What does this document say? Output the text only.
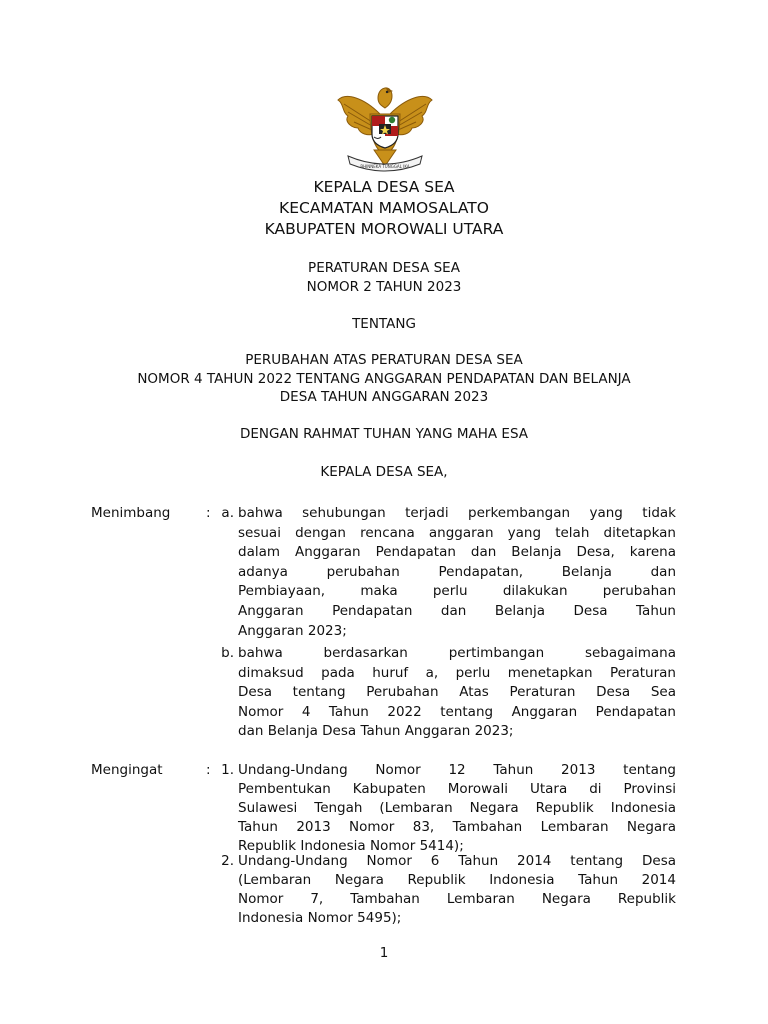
BHINNEKA TUNGGAL IKA
KEPALA DESA SEA
KECAMATAN MAMOSALATO
KABUPATEN MOROWALI UTARA
PERATURAN DESA SEA
NOMOR 2 TAHUN 2023
TENTANG
PERUBAHAN ATAS PERATURAN DESA SEA
NOMOR 4 TAHUN 2022 TENTANG ANGGARAN PENDAPATAN DAN BELANJA
DESA TAHUN ANGGARAN 2023
DENGAN RAHMAT TUHAN YANG MAHA ESA
KEPALA DESA SEA,
Menimbang	: a. bahwa sehubungan terjadi perkembangan yang tidak
sesuai dengan rencana anggaran yang telah ditetapkan
dalam Anggaran Pendapatan dan Belanja Desa, karena
adanya perubahan Pendapatan, Belanja dan
Pembiayaan, maka perlu dilakukan perubahan
Anggaran Pendapatan dan Belanja Desa Tahun
Anggaran 2023;
b. bahwa berdasarkan pertimbangan sebagaimana
dimaksud pada huruf a, perlu menetapkan Peraturan
Desa tentang Perubahan Atas Peraturan Desa Sea
Nomor 4 Tahun 2022 tentang Anggaran Pendapatan
dan Belanja Desa Tahun Anggaran 2023;
Mengingat	: 1. Undang-Undang Nomor 12 Tahun 2013 tentang
Pembentukan Kabupaten Morowali Utara di Provinsi
Sulawesi Tengah (Lembaran Negara Republik Indonesia
Tahun 2013 Nomor 83, Tambahan Lembaran Negara
Republik Indonesia Nomor 5414);
2. Undang-Undang Nomor 6 Tahun 2014 tentang Desa
(Lembaran Negara Republik Indonesia Tahun 2014
Nomor 7, Tambahan Lembaran Negara Republik
Indonesia Nomor 5495);
1
